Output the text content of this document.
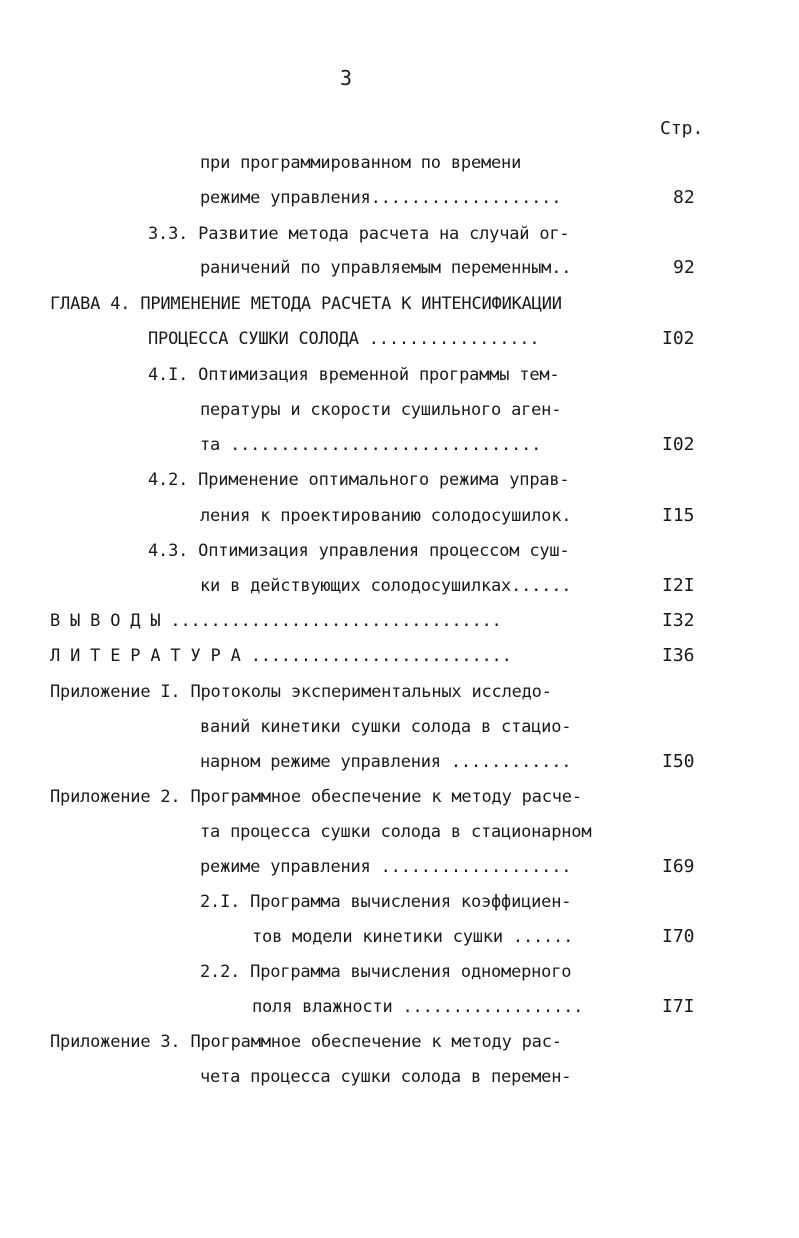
3
Стр.
при программированном по времени
режиме управления...................	82
3.3. Развитие метода расчета на случай ог-
раничений по управляемым переменным..	92
ГЛАВА 4. ПРИМЕНЕНИЕ МЕТОДА РАСЧЕТА К ИНТЕНСИФИКАЦИИ
ПРОЦЕССА СУШКИ СОЛОДА .................	I02
4.I. Оптимизация временной программы тем-
пературы и скорости сушильного аген-
та ...............................	I02
4.2. Применение оптимального режима управ-
ления к проектированию солодосушилок.	I15
4.3. Оптимизация управления процессом суш-
ки в действующих солодосушилках......	I2I
В Ы В О Д Ы .................................	I32
Л И Т Е Р А Т У Р А ..........................	I36
Приложение I. Протоколы экспериментальных исследо-
ваний кинетики сушки солода в стацио-
нарном режиме управления ............	I50
Приложение 2. Программное обеспечение к методу расче-
та процесса сушки солода в стационарном
режиме управления ...................	I69
2.I. Программа вычисления коэффициен-
тов модели кинетики сушки ......	I70
2.2. Программа вычисления одномерного
поля влажности ..................	I7I
Приложение 3. Программное обеспечение к методу рас-
чета процесса сушки солода в перемен-
